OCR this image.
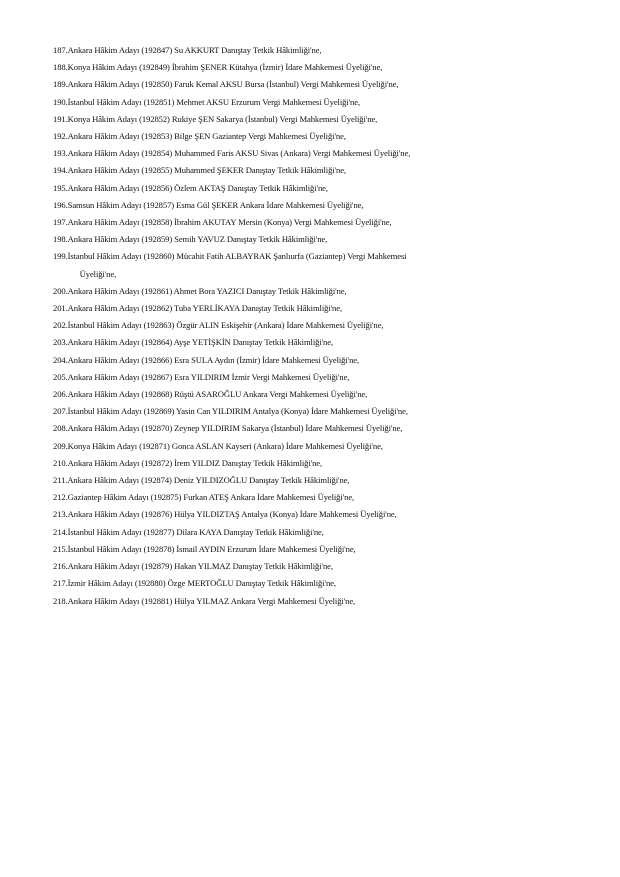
187. Ankara Hâkim Adayı (192847) Su AKKURT Danıştay Tetkik Hâkimliği'ne,
188. Konya Hâkim Adayı (192849) İbrahim ŞENER Kütahya (İzmir) İdare Mahkemesi Üyeliği'ne,
189. Ankara Hâkim Adayı (192850) Faruk Kemal AKSU Bursa (İstanbul) Vergi Mahkemesi Üyeliği'ne,
190. İstanbul Hâkim Adayı (192851) Mehmet AKSU Erzurum Vergi Mahkemesi Üyeliği'ne,
191. Konya Hâkim Adayı (192852) Rukiye ŞEN Sakarya (İstanbul) Vergi Mahkemesi Üyeliği'ne,
192. Ankara Hâkim Adayı (192853) Bilge ŞEN Gaziantep Vergi Mahkemesi Üyeliği'ne,
193. Ankara Hâkim Adayı (192854) Muhammed Faris AKSU Sivas (Ankara) Vergi Mahkemesi Üyeliği'ne,
194. Ankara Hâkim Adayı (192855) Muhammed ŞEKER Danıştay Tetkik Hâkimliği'ne,
195. Ankara Hâkim Adayı (192856) Özlem AKTAŞ Danıştay Tetkik Hâkimliği'ne,
196. Samsun Hâkim Adayı (192857) Esma Gül ŞEKER Ankara İdare Mahkemesi Üyeliği'ne,
197. Ankara Hâkim Adayı (192858) İbrahim AKUTAY Mersin (Konya) Vergi Mahkemesi Üyeliği'ne,
198. Ankara Hâkim Adayı (192859) Semih YAVUZ Danıştay Tetkik Hâkimliği'ne,
199. İstanbul Hâkim Adayı (192860) Mücahit Fatih ALBAYRAK Şanlıurfa (Gaziantep) Vergi Mahkemesi
Üyeliği'ne,
200. Ankara Hâkim Adayı (192861) Ahmet Bora YAZICI Danıştay Tetkik Hâkimliği'ne,
201. Ankara Hâkim Adayı (192862) Tuba YERLİKAYA Danıştay Tetkik Hâkimliği'ne,
202. İstanbul Hâkim Adayı (192863) Özgür ALIN Eskişehir (Ankara) İdare Mahkemesi Üyeliği'ne,
203. Ankara Hâkim Adayı (192864) Ayşe YETİŞKİN Danıştay Tetkik Hâkimliği'ne,
204. Ankara Hâkim Adayı (192866) Esra SULA Aydın (İzmir) İdare Mahkemesi Üyeliği'ne,
205. Ankara Hâkim Adayı (192867) Esra YILDIRIM İzmir Vergi Mahkemesi Üyeliği'ne,
206. Ankara Hâkim Adayı (192868) Rüştü ASAROĞLU Ankara Vergi Mahkemesi Üyeliği'ne,
207. İstanbul Hâkim Adayı (192869) Yasin Can YILDIRIM Antalya (Konya) İdare Mahkemesi Üyeliği'ne,
208. Ankara Hâkim Adayı (192870) Zeynep YILDIRIM Sakarya (İstanbul) İdare Mahkemesi Üyeliği'ne,
209. Konya Hâkim Adayı (192871) Gonca ASLAN Kayseri (Ankara) İdare Mahkemesi Üyeliği'ne,
210. Ankara Hâkim Adayı (192872) İrem YILDIZ Danıştay Tetkik Hâkimliği'ne,
211. Ankara Hâkim Adayı (192874) Deniz YILDIZOĞLU Danıştay Tetkik Hâkimliği'ne,
212. Gaziantep Hâkim Adayı (192875) Furkan ATEŞ Ankara İdare Mahkemesi Üyeliği'ne,
213. Ankara Hâkim Adayı (192876) Hülya YILDIZTAŞ Antalya (Konya) İdare Mahkemesi Üyeliği'ne,
214. İstanbul Hâkim Adayı (192877) Dilara KAYA Danıştay Tetkik Hâkimliği'ne,
215. İstanbul Hâkim Adayı (192878) İsmail AYDIN Erzurum İdare Mahkemesi Üyeliği'ne,
216. Ankara Hâkim Adayı (192879) Hakan YILMAZ Danıştay Tetkik Hâkimliği'ne,
217. İzmir Hâkim Adayı (192880) Özge MERTOĞLU Danıştay Tetkik Hâkimliği'ne,
218. Ankara Hâkim Adayı (192881) Hülya YILMAZ Ankara Vergi Mahkemesi Üyeliği'ne,
